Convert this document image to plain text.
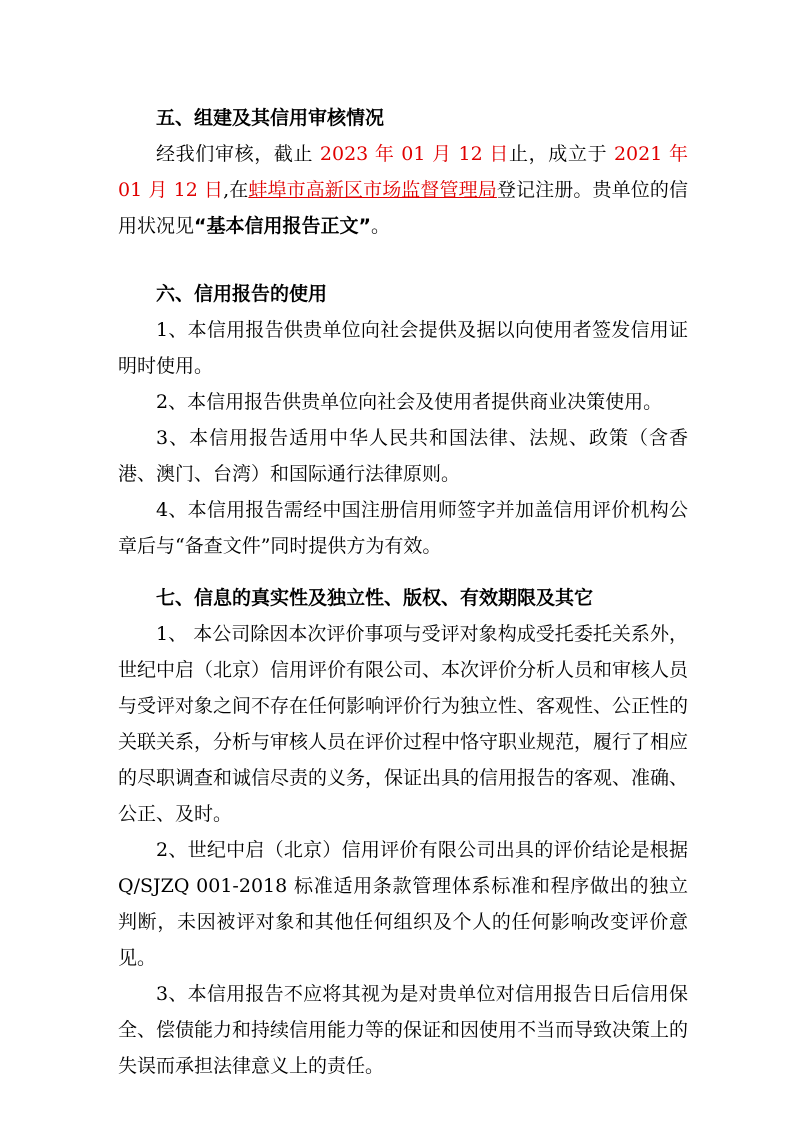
五、组建及其信用审核情况

经我们审核，截止 2023 年 01 月 12 日止，成立于 2021 年 01 月 12 日,在蚌埠市高新区市场监督管理局登记注册。贵单位的信用状况见“基本信用报告正文”。

六、信用报告的使用

1、本信用报告供贵单位向社会提供及据以向使用者签发信用证明时使用。

2、本信用报告供贵单位向社会及使用者提供商业决策使用。

3、本信用报告适用中华人民共和国法律、法规、政策（含香港、澳门、台湾）和国际通行法律原则。

4、本信用报告需经中国注册信用师签字并加盖信用评价机构公章后与“备查文件”同时提供方为有效。

七、信息的真实性及独立性、版权、有效期限及其它

1、 本公司除因本次评价事项与受评对象构成受托委托关系外，世纪中启（北京）信用评价有限公司、本次评价分析人员和审核人员与受评对象之间不存在任何影响评价行为独立性、客观性、公正性的关联关系，分析与审核人员在评价过程中恪守职业规范，履行了相应的尽职调查和诚信尽责的义务，保证出具的信用报告的客观、准确、公正、及时。

2、世纪中启（北京）信用评价有限公司出具的评价结论是根据 Q/SJZQ 001-2018 标准适用条款管理体系标准和程序做出的独立判断，未因被评对象和其他任何组织及个人的任何影响改变评价意见。

3、本信用报告不应将其视为是对贵单位对信用报告日后信用保全、偿债能力和持续信用能力等的保证和因使用不当而导致决策上的失误而承担法律意义上的责任。
